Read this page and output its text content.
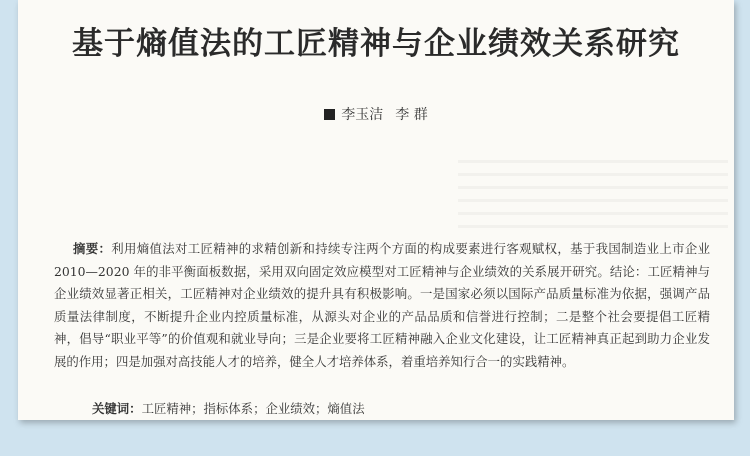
基于熵值法的工匠精神与企业绩效关系研究
李玉洁 李 群
摘要：利用熵值法对工匠精神的求精创新和持续专注两个方面的构成要素进行客观赋权，基于我国制造业上市企业 2010—2020 年的非平衡面板数据，采用双向固定效应模型对工匠精神与企业绩效的关系展开研究。结论：工匠精神与企业绩效显著正相关，工匠精神对企业绩效的提升具有积极影响。一是国家必须以国际产品质量标准为依据，强调产品质量法律制度，不断提升企业内控质量标准，从源头对企业的产品品质和信誉进行控制；二是整个社会要提倡工匠精神，倡导“职业平等”的价值观和就业导向；三是企业要将工匠精神融入企业文化建设，让工匠精神真正起到助力企业发展的作用；四是加强对高技能人才的培养，健全人才培养体系，着重培养知行合一的实践精神。
关键词：工匠精神；指标体系；企业绩效；熵值法
